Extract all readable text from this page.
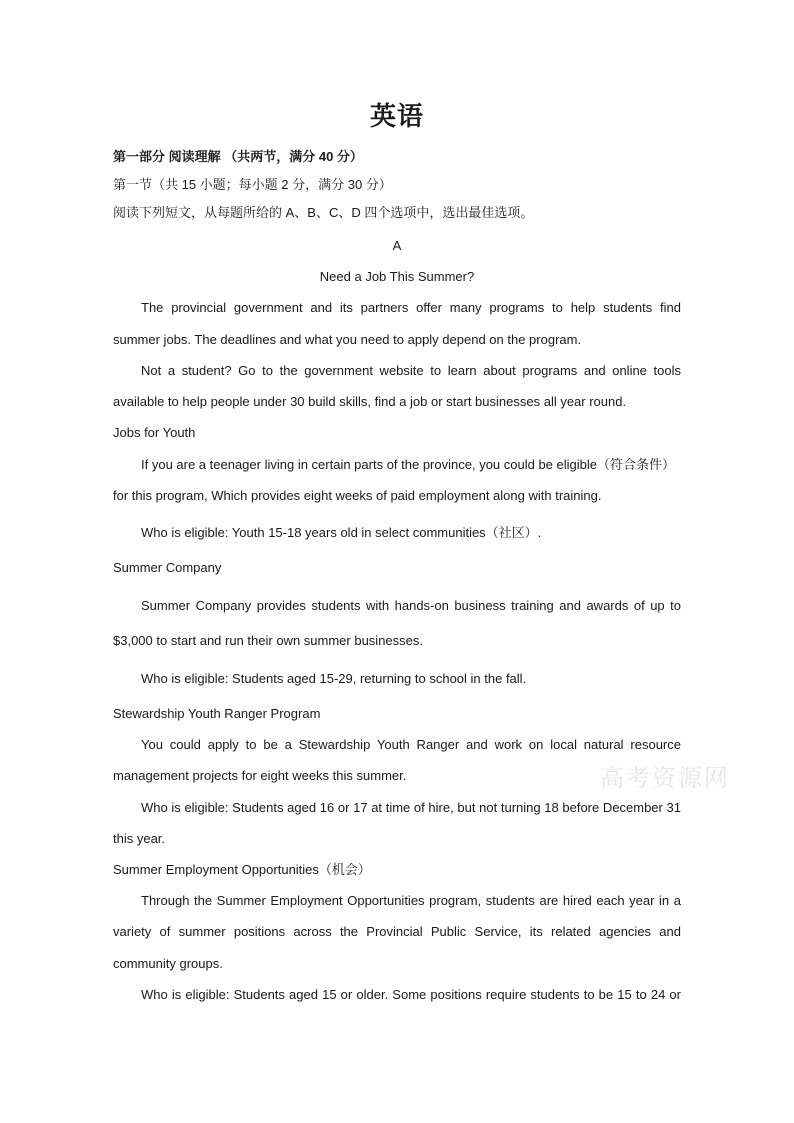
英语
第一部分 阅读理解 （共两节，满分 40 分）
第一节（共 15 小题；每小题 2 分，满分 30 分）
阅读下列短文，从每题所给的 A、B、C、D 四个选项中，选出最佳选项。
A
Need a Job This Summer?
The provincial government and its partners offer many programs to help students find
summer jobs. The deadlines and what you need to apply depend on the program.
Not a student? Go to the government website to learn about programs and online tools
available to help people under 30 build skills, find a job or start businesses all year round.
Jobs for Youth
If you are a teenager living in certain parts of the province, you could be eligible（符合条件）
for this program, Which provides eight weeks of paid employment along with training.
Who is eligible: Youth 15-18 years old in select communities（社区）.
Summer Company
Summer Company provides students with hands-on business training and awards of up to
$3,000 to start and run their own summer businesses.
Who is eligible: Students aged 15-29, returning to school in the fall.
Stewardship Youth Ranger Program
You could apply to be a Stewardship Youth Ranger and work on local natural resource
management projects for eight weeks this summer.
Who is eligible: Students aged 16 or 17 at time of hire, but not turning 18 before December 31
this year.
Summer Employment Opportunities（机会）
Through the Summer Employment Opportunities program, students are hired each year in a
variety of summer positions across the Provincial Public Service, its related agencies and
community groups.
Who is eligible: Students aged 15 or older. Some positions require students to be 15 to 24 or
高考资源网
